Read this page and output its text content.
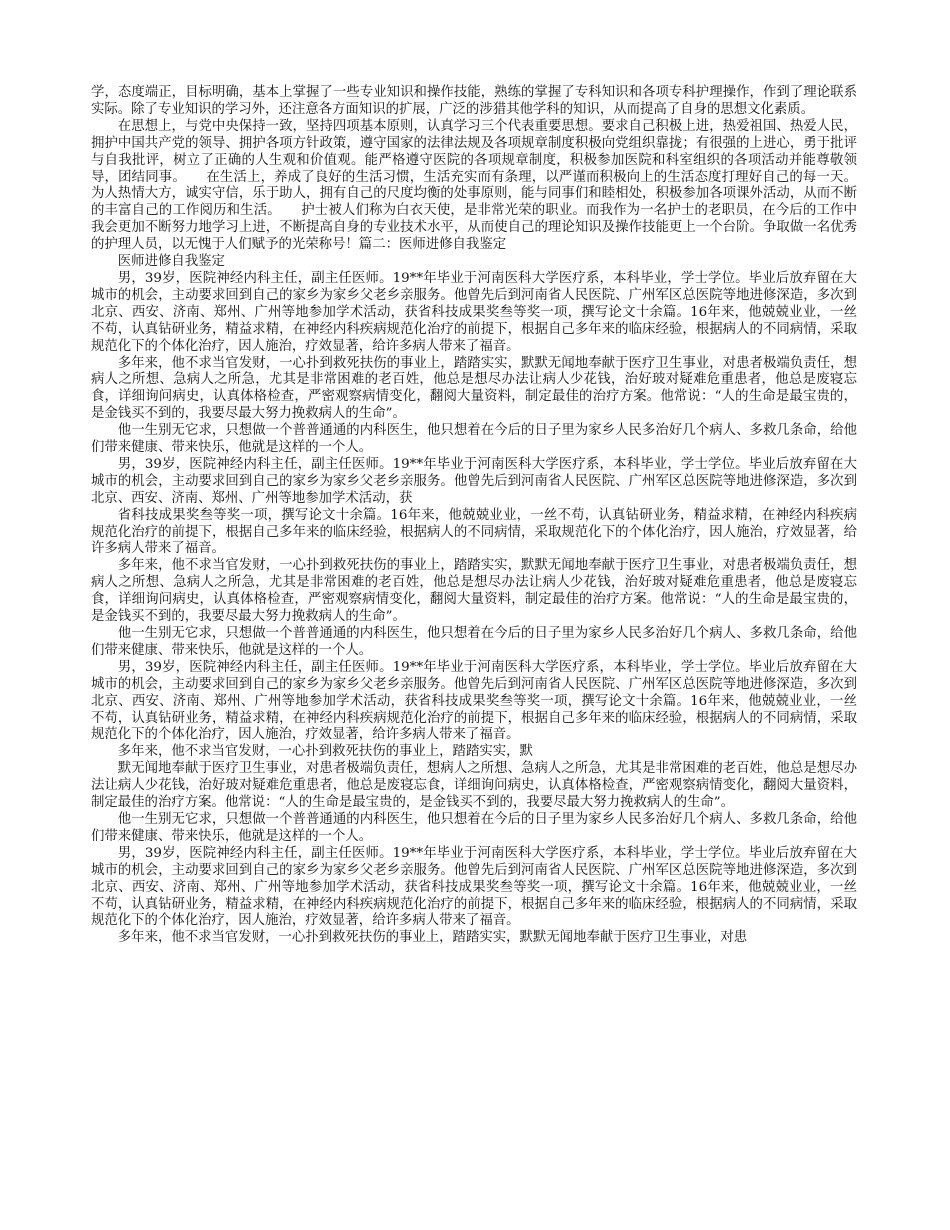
学，态度端正，目标明确，基本上掌握了一些专业知识和操作技能，熟练的掌握了专科知识和各项专科护理操作，作到了理论联系实际。除了专业知识的学习外，还注意各方面知识的扩展，广泛的涉猎其他学科的知识，从而提高了自身的思想文化素质。

在思想上，与党中央保持一致，坚持四项基本原则，认真学习三个代表重要思想。要求自己积极上进，热爱祖国、热爱人民，拥护中国共产党的领导、拥护各项方针政策，遵守国家的法律法规及各项规章制度积极向党组织靠拢；有很强的上进心，勇于批评与自我批评，树立了正确的人生观和价值观。能严格遵守医院的各项规章制度，积极参加医院和科室组织的各项活动并能尊敬领导，团结同事。　　在生活上，养成了良好的生活习惯，生活充实而有条理，以严谨而积极向上的生活态度打理好自己的每一天。为人热情大方，诚实守信，乐于助人，拥有自己的尺度均衡的处事原则，能与同事们和睦相处，积极参加各项课外活动，从而不断的丰富自己的工作阅历和生活。　　护士被人们称为白衣天使，是非常光荣的职业。而我作为一名护士的老职员，在今后的工作中我会更加不断努力地学习上进，不断提高自身的专业技术水平，从而使自己的理论知识及操作技能更上一个台阶。争取做一名优秀的护理人员，以无愧于人们赋予的光荣称号！篇二：医师进修自我鉴定

医师进修自我鉴定

男，39岁，医院神经内科主任，副主任医师。19**年毕业于河南医科大学医疗系，本科毕业，学士学位。毕业后放弃留在大城市的机会，主动要求回到自己的家乡为家乡父老乡亲服务。他曾先后到河南省人民医院、广州军区总医院等地进修深造，多次到北京、西安、济南、郑州、广州等地参加学术活动，获省科技成果奖叁等奖一项，撰写论文十余篇。16年来，他兢兢业业，一丝不苟，认真钻研业务，精益求精，在神经内科疾病规范化治疗的前提下，根据自己多年来的临床经验，根据病人的不同病情，采取规范化下的个体化治疗，因人施治，疗效显著，给许多病人带来了福音。

多年来，他不求当官发财，一心扑到救死扶伤的事业上，踏踏实实，默默无闻地奉献于医疗卫生事业，对患者极端负责任，想病人之所想、急病人之所急，尤其是非常困难的老百姓，他总是想尽办法让病人少花钱，治好玻对疑难危重患者，他总是废寝忘食，详细询问病史，认真体格检查，严密观察病情变化，翻阅大量资料，制定最佳的治疗方案。他常说：“人的生命是最宝贵的，是金钱买不到的，我要尽最大努力挽救病人的生命”。

他一生别无它求，只想做一个普普通通的内科医生，他只想着在今后的日子里为家乡人民多治好几个病人、多救几条命，给他们带来健康、带来快乐，他就是这样的一个人。

男，39岁，医院神经内科主任，副主任医师。19**年毕业于河南医科大学医疗系，本科毕业，学士学位。毕业后放弃留在大城市的机会，主动要求回到自己的家乡为家乡父老乡亲服务。他曾先后到河南省人民医院、广州军区总医院等地进修深造，多次到北京、西安、济南、郑州、广州等地参加学术活动，获

省科技成果奖叁等奖一项，撰写论文十余篇。16年来，他兢兢业业，一丝不苟，认真钻研业务，精益求精，在神经内科疾病规范化治疗的前提下，根据自己多年来的临床经验，根据病人的不同病情，采取规范化下的个体化治疗，因人施治，疗效显著，给许多病人带来了福音。

多年来，他不求当官发财，一心扑到救死扶伤的事业上，踏踏实实，默默无闻地奉献于医疗卫生事业，对患者极端负责任，想病人之所想、急病人之所急，尤其是非常困难的老百姓，他总是想尽办法让病人少花钱，治好玻对疑难危重患者，他总是废寝忘食，详细询问病史，认真体格检查，严密观察病情变化，翻阅大量资料，制定最佳的治疗方案。他常说：“人的生命是最宝贵的，是金钱买不到的，我要尽最大努力挽救病人的生命”。

他一生别无它求，只想做一个普普通通的内科医生，他只想着在今后的日子里为家乡人民多治好几个病人、多救几条命，给他们带来健康、带来快乐，他就是这样的一个人。

男，39岁，医院神经内科主任，副主任医师。19**年毕业于河南医科大学医疗系，本科毕业，学士学位。毕业后放弃留在大城市的机会，主动要求回到自己的家乡为家乡父老乡亲服务。他曾先后到河南省人民医院、广州军区总医院等地进修深造，多次到北京、西安、济南、郑州、广州等地参加学术活动，获省科技成果奖叁等奖一项，撰写论文十余篇。16年来，他兢兢业业，一丝不苟，认真钻研业务，精益求精，在神经内科疾病规范化治疗的前提下，根据自己多年来的临床经验，根据病人的不同病情，采取规范化下的个体化治疗，因人施治，疗效显著，给许多病人带来了福音。

多年来，他不求当官发财，一心扑到救死扶伤的事业上，踏踏实实，默

默无闻地奉献于医疗卫生事业，对患者极端负责任，想病人之所想、急病人之所急，尤其是非常困难的老百姓，他总是想尽办法让病人少花钱，治好玻对疑难危重患者，他总是废寝忘食，详细询问病史，认真体格检查，严密观察病情变化，翻阅大量资料，制定最佳的治疗方案。他常说：“人的生命是最宝贵的，是金钱买不到的，我要尽最大努力挽救病人的生命”。

他一生别无它求，只想做一个普普通通的内科医生，他只想着在今后的日子里为家乡人民多治好几个病人、多救几条命，给他们带来健康、带来快乐，他就是这样的一个人。

男，39岁，医院神经内科主任，副主任医师。19**年毕业于河南医科大学医疗系，本科毕业，学士学位。毕业后放弃留在大城市的机会，主动要求回到自己的家乡为家乡父老乡亲服务。他曾先后到河南省人民医院、广州军区总医院等地进修深造，多次到北京、西安、济南、郑州、广州等地参加学术活动，获省科技成果奖叁等奖一项，撰写论文十余篇。16年来，他兢兢业业，一丝不苟，认真钻研业务，精益求精，在神经内科疾病规范化治疗的前提下，根据自己多年来的临床经验，根据病人的不同病情，采取规范化下的个体化治疗，因人施治，疗效显著，给许多病人带来了福音。

多年来，他不求当官发财，一心扑到救死扶伤的事业上，踏踏实实，默默无闻地奉献于医疗卫生事业，对患
